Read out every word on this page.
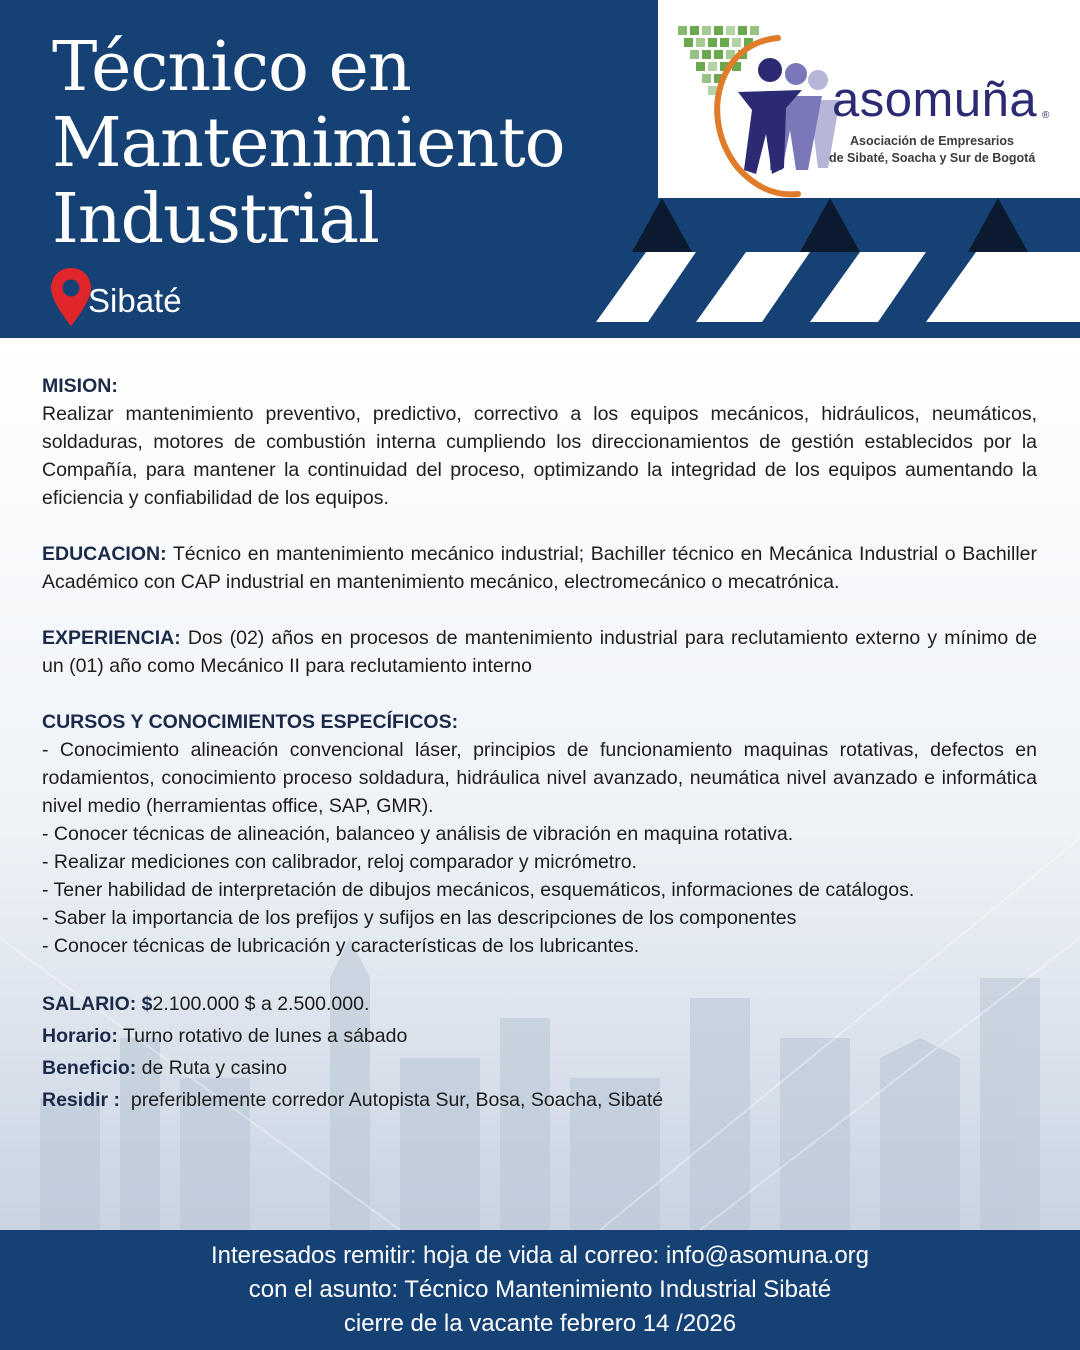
Técnico en
Mantenimiento
Industrial
Sibaté
asomuña ®
Asociación de Empresarios
de Sibaté, Soacha y Sur de Bogotá

MISION:
Realizar mantenimiento preventivo, predictivo, correctivo a los equipos mecánicos, hidráulicos, neumáticos, soldaduras, motores de combustión interna cumpliendo los direccionamientos de gestión establecidos por la Compañía, para mantener la continuidad del proceso, optimizando la integridad de los equipos aumentando la eficiencia y confiabilidad de los equipos.

EDUCACION: Técnico en mantenimiento mecánico industrial; Bachiller técnico en Mecánica Industrial o Bachiller Académico con CAP industrial en mantenimiento mecánico, electromecánico o mecatrónica.

EXPERIENCIA: Dos (02) años en procesos de mantenimiento industrial para reclutamiento externo y mínimo de un (01) año como Mecánico II para reclutamiento interno

CURSOS Y CONOCIMIENTOS ESPECÍFICOS:

- Conocimiento alineación convencional láser, principios de funcionamiento maquinas rotativas, defectos en rodamientos, conocimiento proceso soldadura, hidráulica nivel avanzado, neumática nivel avanzado e informática nivel medio (herramientas office, SAP, GMR).

- Conocer técnicas de alineación, balanceo y análisis de vibración en maquina rotativa.

- Realizar mediciones con calibrador, reloj comparador y micrómetro.

- Tener habilidad de interpretación de dibujos mecánicos, esquemáticos, informaciones de catálogos.

- Saber la importancia de los prefijos y sufijos en las descripciones de los componentes

- Conocer técnicas de lubricación y características de los lubricantes.

SALARIO: $2.100.000 $ a 2.500.000.

Horario: Turno rotativo de lunes a sábado

Beneficio: de Ruta y casino

Residir :  preferiblemente corredor Autopista Sur, Bosa, Soacha, Sibaté

Interesados remitir: hoja de vida al correo: info@asomuna.org
con el asunto: Técnico Mantenimiento Industrial Sibaté
cierre de la vacante febrero 14 /2026
